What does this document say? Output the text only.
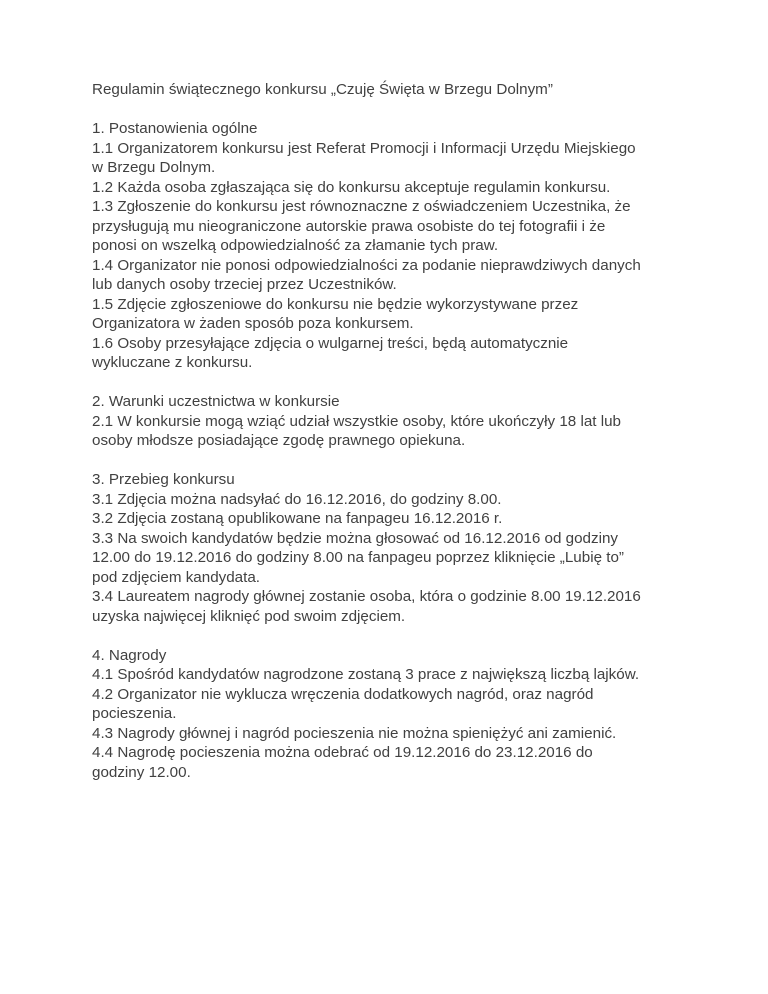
Regulamin świątecznego konkursu „Czuję Święta w Brzegu Dolnym”
1. Postanowienia ogólne
1.1 Organizatorem konkursu jest Referat Promocji i Informacji Urzędu Miejskiego
w Brzegu Dolnym.
1.2 Każda osoba zgłaszająca się do konkursu akceptuje regulamin konkursu.
1.3 Zgłoszenie do konkursu jest równoznaczne z oświadczeniem Uczestnika, że
przysługują mu nieograniczone autorskie prawa osobiste do tej fotografii i że
ponosi on wszelką odpowiedzialność za złamanie tych praw.
1.4 Organizator nie ponosi odpowiedzialności za podanie nieprawdziwych danych
lub danych osoby trzeciej przez Uczestników.
1.5 Zdjęcie zgłoszeniowe do konkursu nie będzie wykorzystywane przez
Organizatora w żaden sposób poza konkursem.
1.6 Osoby przesyłające zdjęcia o wulgarnej treści, będą automatycznie
wykluczane z konkursu.
2. Warunki uczestnictwa w konkursie
2.1 W konkursie mogą wziąć udział wszystkie osoby, które ukończyły 18 lat lub
osoby młodsze posiadające zgodę prawnego opiekuna.
3. Przebieg konkursu
3.1 Zdjęcia można nadsyłać do 16.12.2016, do godziny 8.00.
3.2 Zdjęcia zostaną opublikowane na fanpageu 16.12.2016 r.
3.3 Na swoich kandydatów będzie można głosować od 16.12.2016 od godziny
12.00 do 19.12.2016 do godziny 8.00 na fanpageu poprzez kliknięcie „Lubię to”
pod zdjęciem kandydata.
3.4 Laureatem nagrody głównej zostanie osoba, która o godzinie 8.00 19.12.2016
uzyska najwięcej kliknięć pod swoim zdjęciem.
4. Nagrody
4.1 Spośród kandydatów nagrodzone zostaną 3 prace z największą liczbą lajków.
4.2 Organizator nie wyklucza wręczenia dodatkowych nagród, oraz nagród
pocieszenia.
4.3 Nagrody głównej i nagród pocieszenia nie można spieniężyć ani zamienić.
4.4 Nagrodę pocieszenia można odebrać od 19.12.2016 do 23.12.2016 do
godziny 12.00.
